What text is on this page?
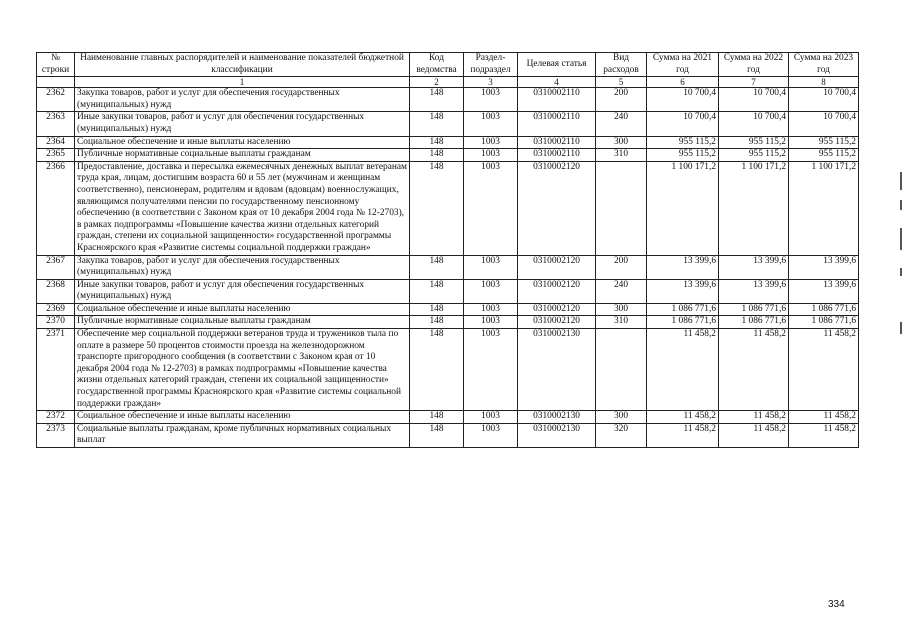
№ строки	Наименование главных распорядителей и наименование показателей бюджетной классификации	Код ведомства	Раздел- подраздел	Целевая статья	Вид расходов	Сумма на 2021 год	Сумма на 2022 год	Сумма на 2023 год
	1	2	3	4	5	6	7	8
2362	Закупка товаров, работ и услуг для обеспечения государственных (муниципальных) нужд	148	1003	0310002110	200	10 700,4	10 700,4	10 700,4
2363	Иные закупки товаров, работ и услуг для обеспечения государственных (муниципальных) нужд	148	1003	0310002110	240	10 700,4	10 700,4	10 700,4
2364	Социальное обеспечение и иные выплаты населению	148	1003	0310002110	300	955 115,2	955 115,2	955 115,2
2365	Публичные нормативные социальные выплаты гражданам	148	1003	0310002110	310	955 115,2	955 115,2	955 115,2
2366	Предоставление, доставка и пересылка ежемесячных денежных выплат ветеранам труда края, лицам, достигшим возраста 60 и 55 лет (мужчинам и женщинам соответственно), пенсионерам, родителям и вдовам (вдовцам) военнослужащих, являющимся получателями пенсии по государственному пенсионному обеспечению (в соответствии с Законом края от 10 декабря 2004 года № 12-2703), в рамках подпрограммы «Повышение качества жизни отдельных категорий граждан, степени их социальной защищенности» государственной программы Красноярского края «Развитие системы социальной поддержки граждан»	148	1003	0310002120		1 100 171,2	1 100 171,2	1 100 171,2
2367	Закупка товаров, работ и услуг для обеспечения государственных (муниципальных) нужд	148	1003	0310002120	200	13 399,6	13 399,6	13 399,6
2368	Иные закупки товаров, работ и услуг для обеспечения государственных (муниципальных) нужд	148	1003	0310002120	240	13 399,6	13 399,6	13 399,6
2369	Социальное обеспечение и иные выплаты населению	148	1003	0310002120	300	1 086 771,6	1 086 771,6	1 086 771,6
2370	Публичные нормативные социальные выплаты гражданам	148	1003	0310002120	310	1 086 771,6	1 086 771,6	1 086 771,6
2371	Обеспечение мер социальной поддержки ветеранов труда и тружеников тыла по оплате в размере 50 процентов стоимости проезда на железнодорожном транспорте пригородного сообщения (в соответствии с Законом края от 10 декабря 2004 года № 12-2703) в рамках подпрограммы «Повышение качества жизни отдельных категорий граждан, степени их социальной защищенности» государственной программы Красноярского края «Развитие системы социальной поддержки граждан»	148	1003	0310002130		11 458,2	11 458,2	11 458,2
2372	Социальное обеспечение и иные выплаты населению	148	1003	0310002130	300	11 458,2	11 458,2	11 458,2
2373	Социальные выплаты гражданам, кроме публичных нормативных социальных выплат	148	1003	0310002130	320	11 458,2	11 458,2	11 458,2
334
